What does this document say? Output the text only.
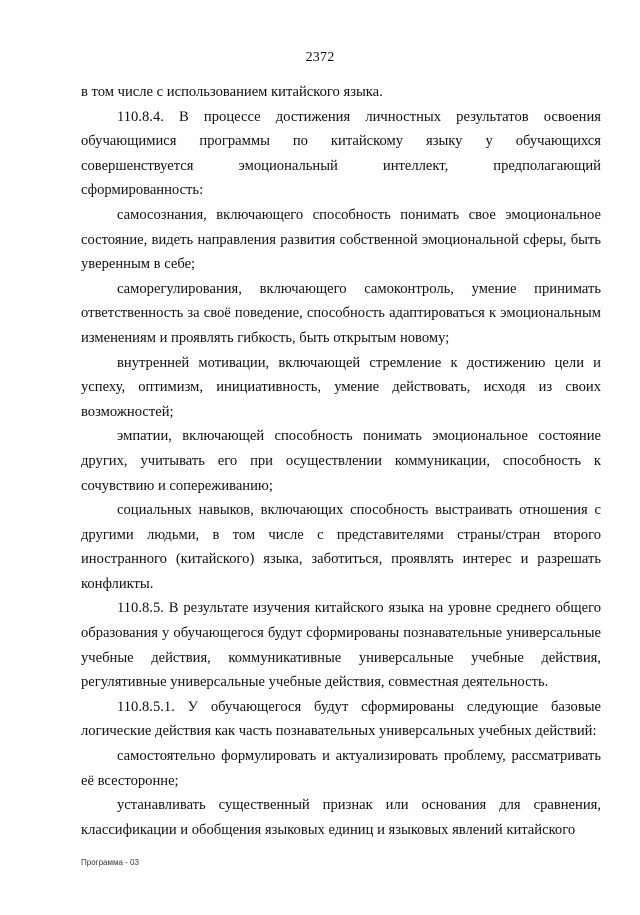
2372

в том числе с использованием китайского языка.

110.8.4. В процессе достижения личностных результатов освоения обучающимися программы по китайскому языку у обучающихся совершенствуется эмоциональный интеллект, предполагающий сформированность:

самосознания, включающего способность понимать свое эмоциональное состояние, видеть направления развития собственной эмоциональной сферы, быть уверенным в себе;

саморегулирования, включающего самоконтроль, умение принимать ответственность за своё поведение, способность адаптироваться к эмоциональным изменениям и проявлять гибкость, быть открытым новому;

внутренней мотивации, включающей стремление к достижению цели и успеху, оптимизм, инициативность, умение действовать, исходя из своих возможностей;

эмпатии, включающей способность понимать эмоциональное состояние других, учитывать его при осуществлении коммуникации, способность к сочувствию и сопереживанию;

социальных навыков, включающих способность выстраивать отношения с другими людьми, в том числе с представителями страны/стран второго иностранного (китайского) языка, заботиться, проявлять интерес и разрешать конфликты.

110.8.5. В результате изучения китайского языка на уровне среднего общего образования у обучающегося будут сформированы познавательные универсальные учебные действия, коммуникативные универсальные учебные действия, регулятивные универсальные учебные действия, совместная деятельность.

110.8.5.1. У обучающегося будут сформированы следующие базовые логические действия как часть познавательных универсальных учебных действий:

самостоятельно формулировать и актуализировать проблему, рассматривать её всесторонне;

устанавливать существенный признак или основания для сравнения, классификации и обобщения языковых единиц и языковых явлений китайского

Программа - 03
